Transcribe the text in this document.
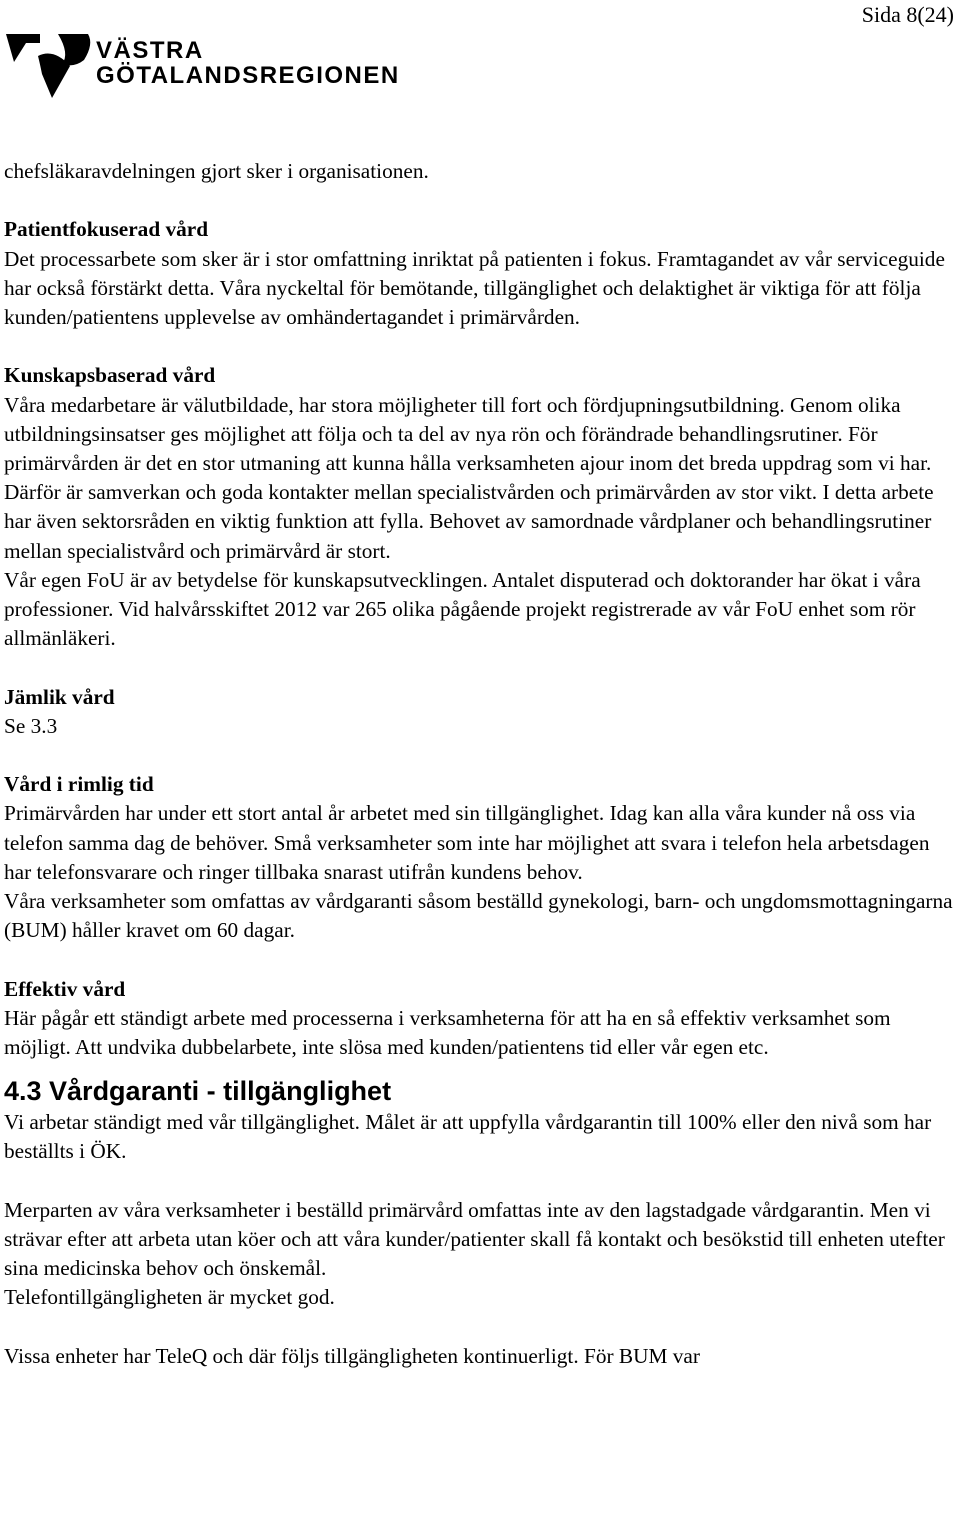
Sida 8(24)
VÄSTRA
GÖTALANDSREGIONEN

chefsläkaravdelningen gjort sker i organisationen.

Patientfokuserad vård

Det processarbete som sker är i stor omfattning inriktat på patienten i fokus. Framtagandet av vår serviceguide har också förstärkt detta. Våra nyckeltal för bemötande, tillgänglighet och delaktighet är viktiga för att följa kunden/patientens upplevelse av omhändertagandet i primärvården.

Kunskapsbaserad vård

Våra medarbetare är välutbildade, har stora möjligheter till fort och fördjupningsutbildning. Genom olika utbildningsinsatser ges möjlighet att följa och ta del av nya rön och förändrade behandlingsrutiner. För primärvården är det en stor utmaning att kunna hålla verksamheten ajour inom det breda uppdrag som vi har. Därför är samverkan och goda kontakter mellan specialistvården och primärvården av stor vikt. I detta arbete har även sektorsråden en viktig funktion att fylla. Behovet av samordnade vårdplaner och behandlingsrutiner mellan specialistvård och primärvård är stort.

Vår egen FoU är av betydelse för kunskapsutvecklingen. Antalet disputerad och doktorander har ökat i våra professioner. Vid halvårsskiftet 2012 var 265 olika pågående projekt registrerade av vår FoU enhet som rör allmänläkeri.

Jämlik vård

Se 3.3

Vård i rimlig tid

Primärvården har under ett stort antal år arbetet med sin tillgänglighet. Idag kan alla våra kunder nå oss via telefon samma dag de behöver. Små verksamheter som inte har möjlighet att svara i telefon hela arbetsdagen har telefonsvarare och ringer tillbaka snarast utifrån kundens behov.

Våra verksamheter som omfattas av vårdgaranti såsom beställd gynekologi, barn- och ungdomsmottagningarna (BUM) håller kravet om 60 dagar.

Effektiv vård

Här pågår ett ständigt arbete med processerna i verksamheterna för att ha en så effektiv verksamhet som möjligt. Att undvika dubbelarbete, inte slösa med kunden/patientens tid eller vår egen etc.

4.3 Vårdgaranti - tillgänglighet

Vi arbetar ständigt med vår tillgänglighet. Målet är att uppfylla vårdgarantin till 100% eller den nivå som har beställts i ÖK.

Merparten av våra verksamheter i beställd primärvård omfattas inte av den lagstadgade vårdgarantin. Men vi strävar efter att arbeta utan köer och att våra kunder/patienter skall få kontakt och besökstid till enheten utefter sina medicinska behov och önskemål.

Telefontillgängligheten är mycket god.

Vissa enheter har TeleQ och där följs tillgängligheten kontinuerligt. För BUM var
